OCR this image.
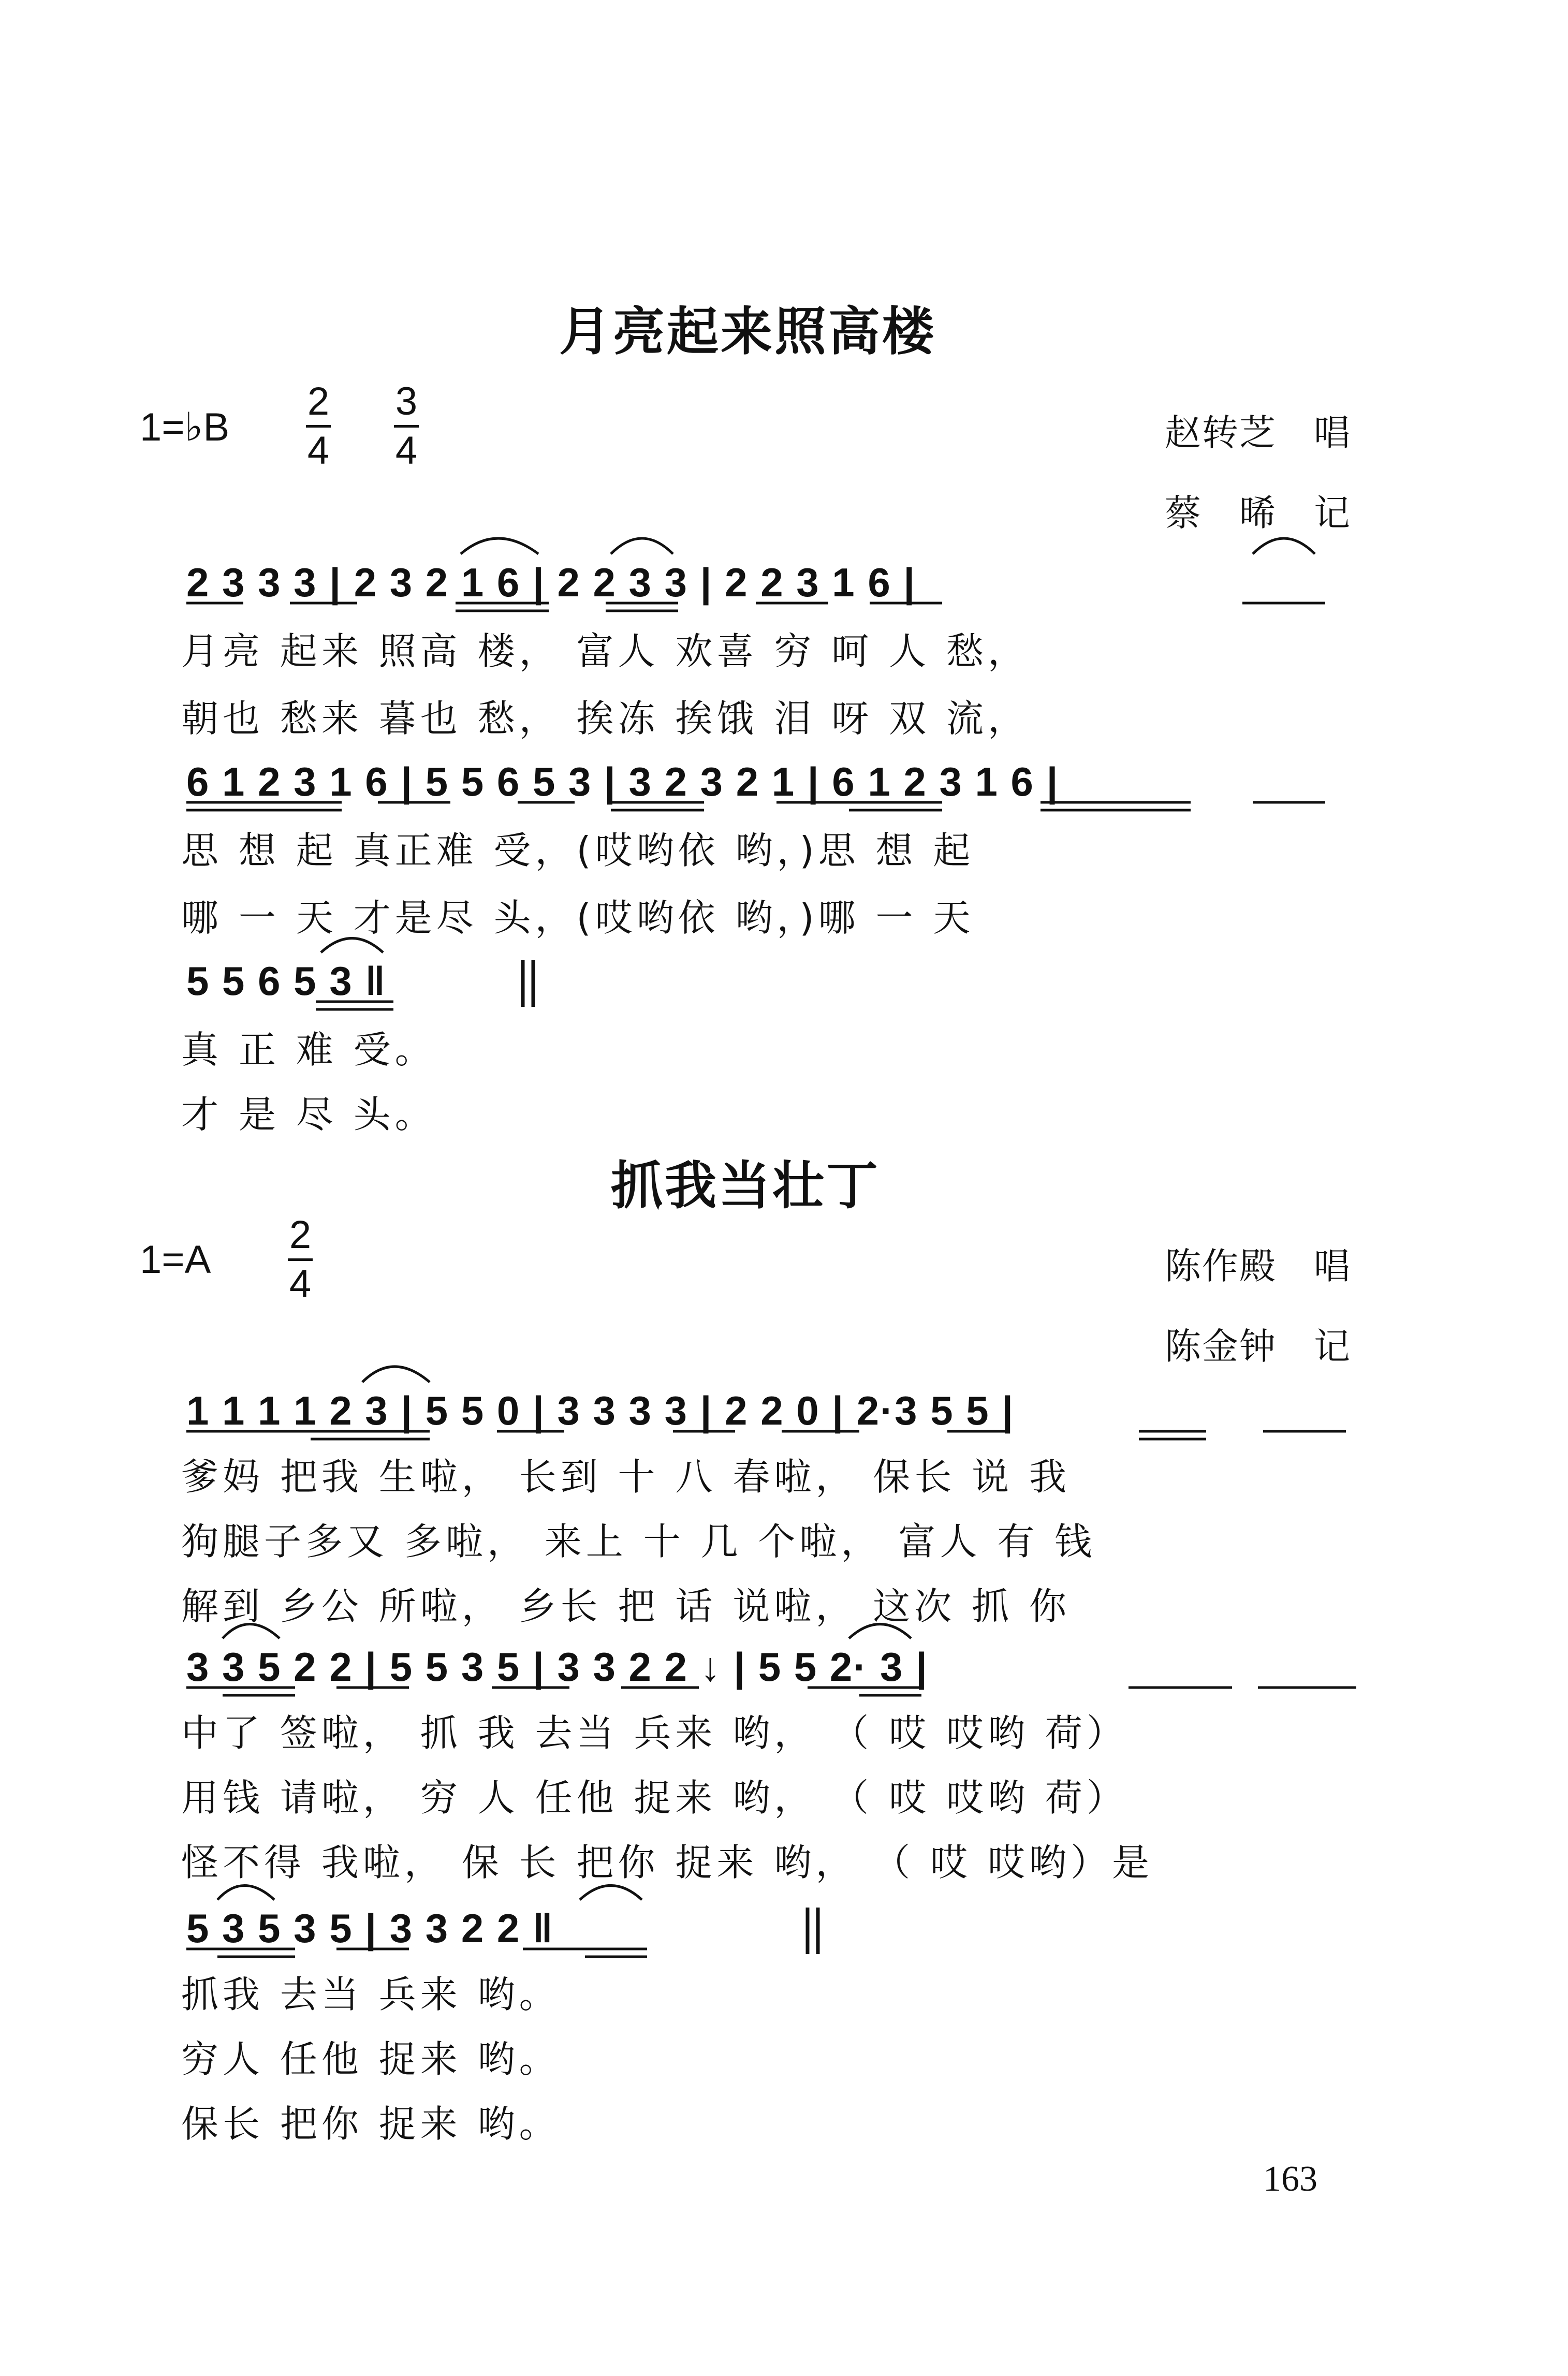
月亮起来照高楼
1=♭B
2
4
3
4	赵转芝　唱
蔡　晞　记
2 3 3 3 | 2 3 2 1 6 | 2 2 3 3 | 2 2 3 1 6 |
月亮 起来 照高 楼， 富人 欢喜 穷 呵 人 愁，
朝也 愁来 暮也 愁， 挨冻 挨饿 泪 呀 双 流，
6 1 2 3 1 6 | 5 5 6 5 3 | 3 2 3 2 1 | 6 1 2 3 1 6 |
思 想 起 真正难 受，(哎哟依 哟，)思 想 起
哪 一 天 才是尽 头，(哎哟依 哟，)哪 一 天
5 5 6 5 3 ‖
真 正 难 受。
才 是 尽 头。
抓我当壮丁
1=A
2
4	陈作殿　唱
陈金钟　记
1 1 1 1 2 3 | 5 5 0 | 3 3 3 3 | 2 2 0 | 2·3 5 5 |
爹妈 把我 生啦， 长到 十 八 春啦， 保长 说 我
狗腿子多又 多啦， 来上 十 几 个啦， 富人 有 钱
解到 乡公 所啦， 乡长 把 话 说啦， 这次 抓 你
3 3 5 2 2 | 5 5 3 5 | 3 3 2 2 ↓ | 5 5 2· 3 |
中了 签啦， 抓 我 去当 兵来 哟， （ 哎 哎哟 荷）
用钱 请啦， 穷 人 任他 捉来 哟， （ 哎 哎哟 荷）
怪不得 我啦， 保 长 把你 捉来 哟， （ 哎 哎哟）是
5 3 5 3 5 | 3 3 2 2 ‖
抓我 去当 兵来 哟。
穷人 任他 捉来 哟。
保长 把你 捉来 哟。
163
